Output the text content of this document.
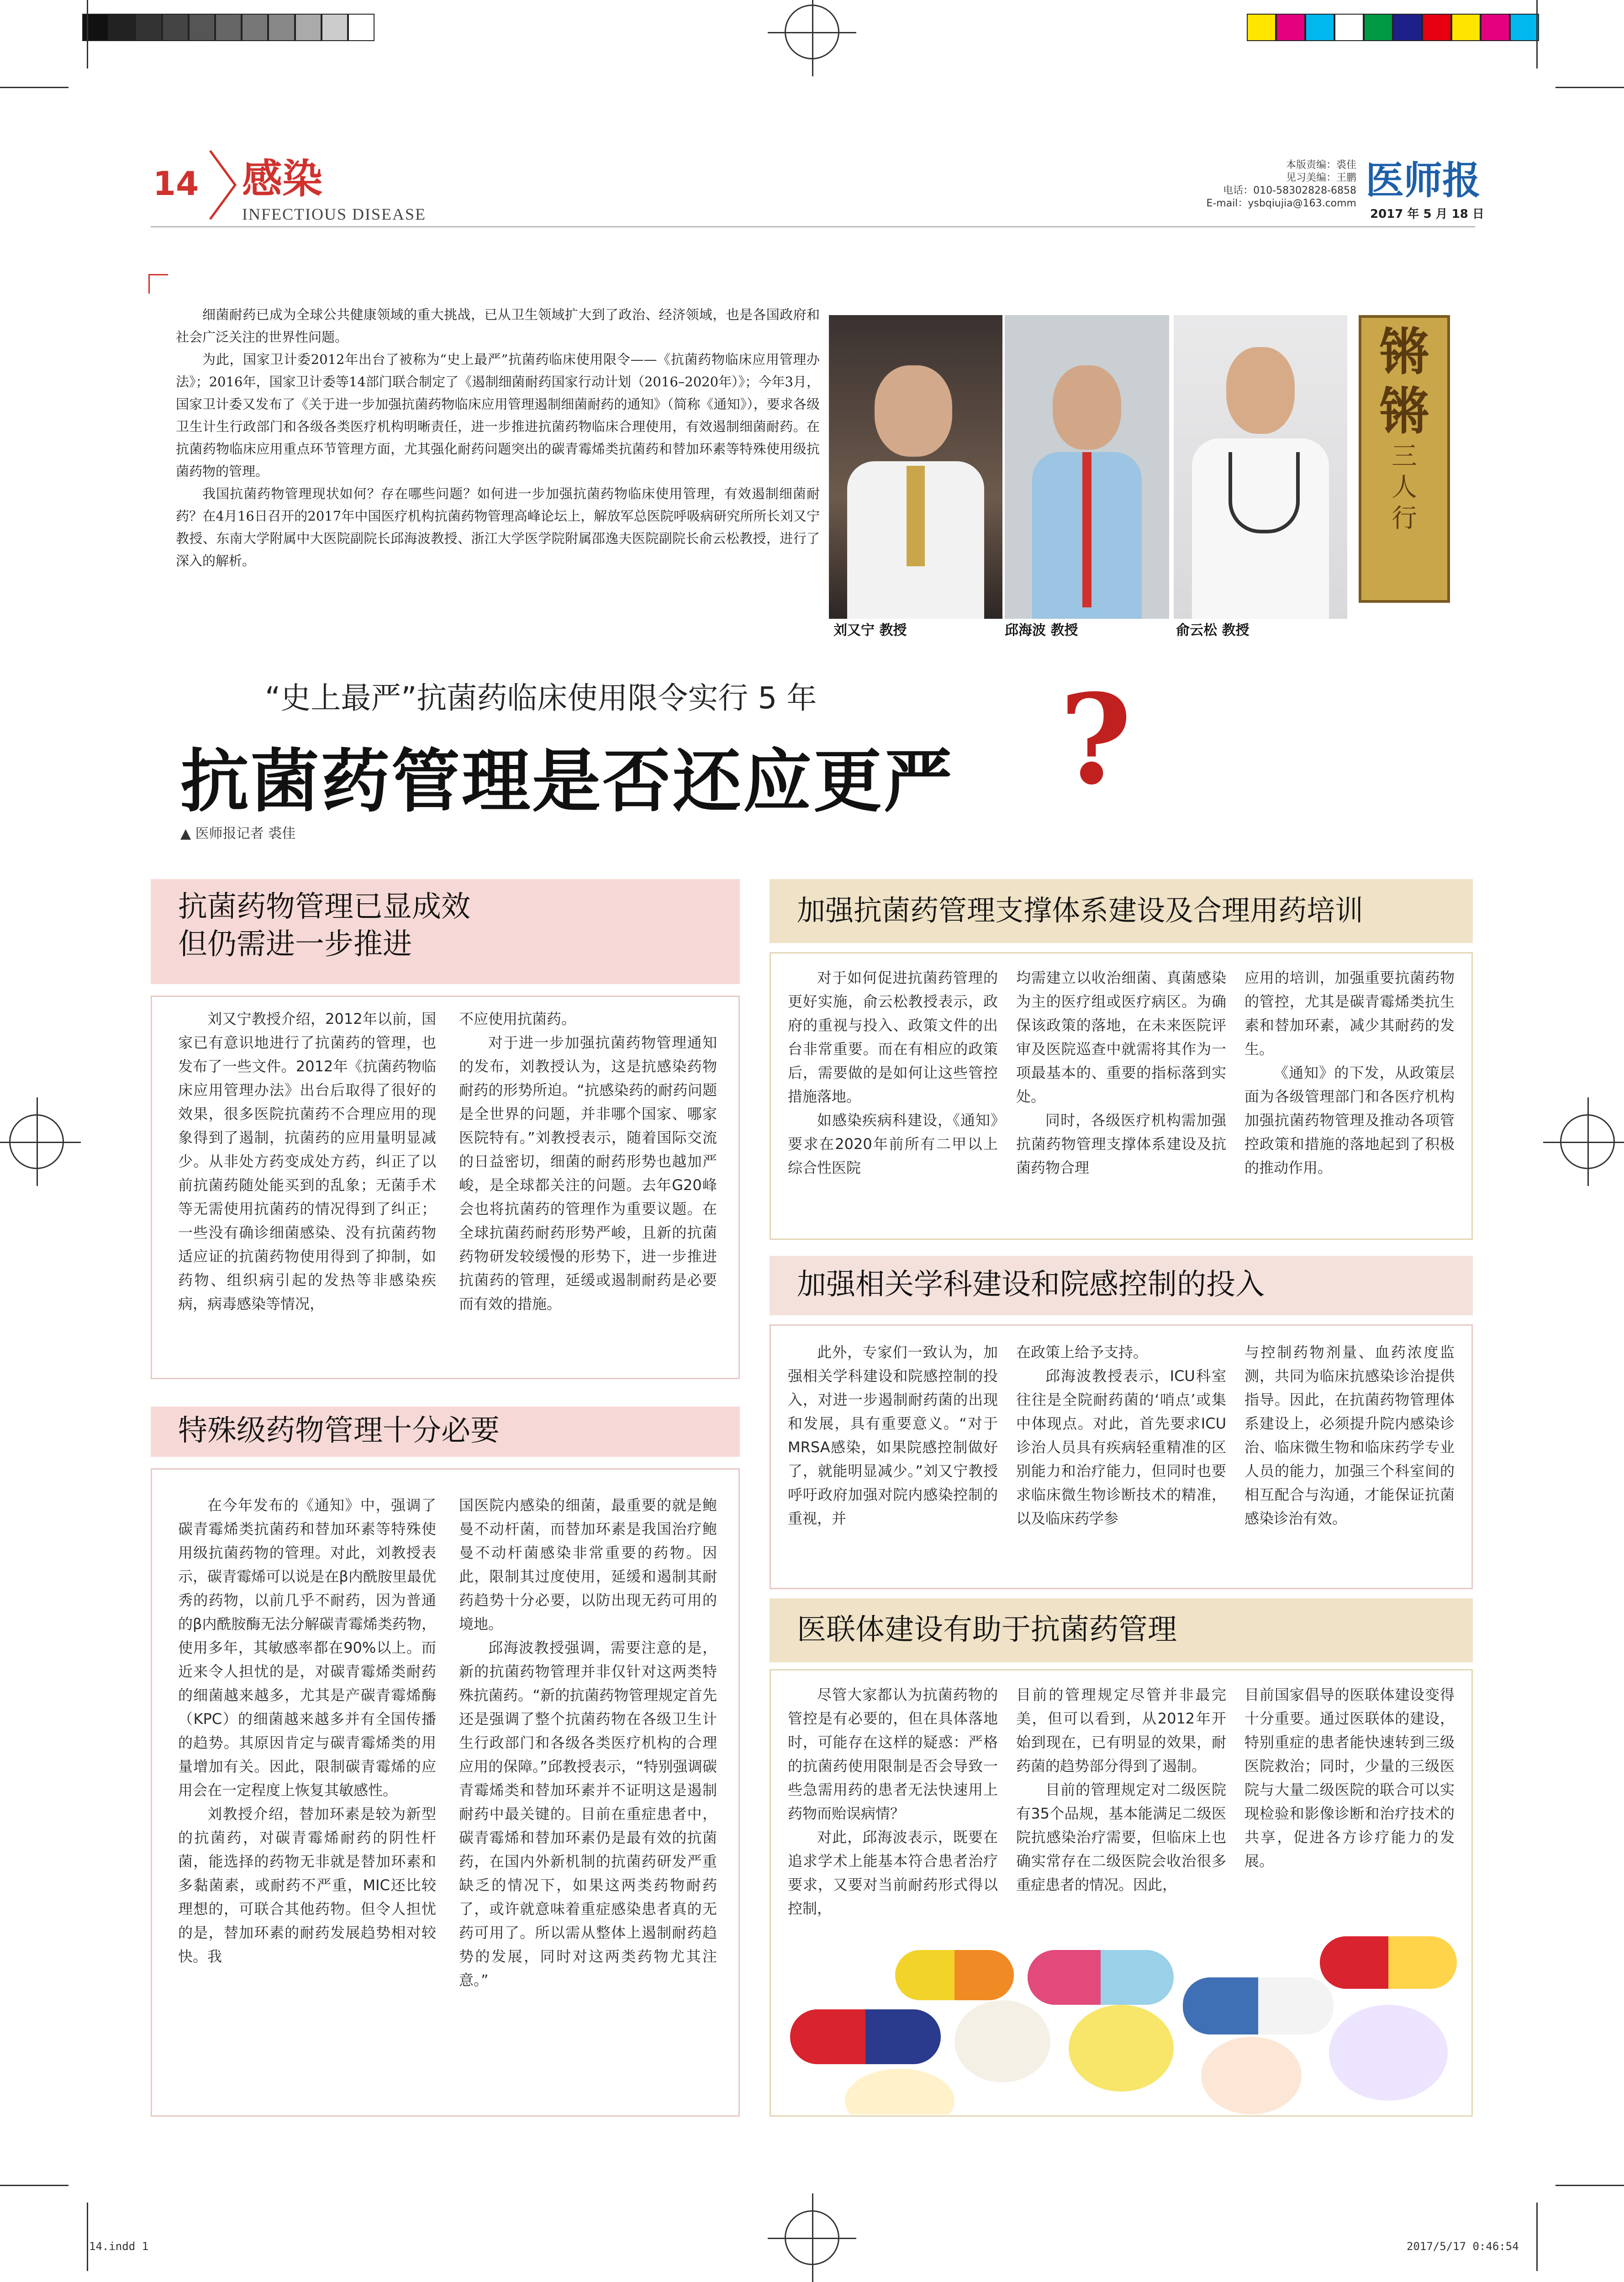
14 感染
INFECTIOUS DISEASE
本版责编：裘佳
见习美编：王鹏
电话：010-58302828-6858
E-mail：ysbqiujia@163.comm
医师报
2017 年 5 月 18 日

细菌耐药已成为全球公共健康领域的重大挑战，已从卫生领域扩大到了政治、经济领域，也是各国政府和社会广泛关注的世界性问题。

为此，国家卫计委2012年出台了被称为“史上最严”抗菌药临床使用限令——《抗菌药物临床应用管理办法》；2016年，国家卫计委等14部门联合制定了《遏制细菌耐药国家行动计划（2016–2020年）》；今年3月，国家卫计委又发布了《关于进一步加强抗菌药物临床应用管理遏制细菌耐药的通知》（简称《通知》），要求各级卫生计生行政部门和各级各类医疗机构明晰责任，进一步推进抗菌药物临床合理使用，有效遏制细菌耐药。在抗菌药物临床应用重点环节管理方面，尤其强化耐药问题突出的碳青霉烯类抗菌药和替加环素等特殊使用级抗菌药物的管理。

我国抗菌药物管理现状如何？存在哪些问题？如何进一步加强抗菌药物临床使用管理，有效遏制细菌耐药？在4月16日召开的2017年中国医疗机构抗菌药物管理高峰论坛上，解放军总医院呼吸病研究所所长刘又宁教授、东南大学附属中大医院副院长邱海波教授、浙江大学医学院附属邵逸夫医院副院长俞云松教授，进行了深入的解析。

刘又宁 教授	邱海波 教授	俞云松 教授
锵
锵
三
人
行
“史上最严”抗菌药临床使用限令实行 5 年
抗菌药管理是否还应更严 ?
▲ 医师报记者 裘佳
抗菌药物管理已显成效
但仍需进一步推进

刘又宁教授介绍，2012年以前，国家已有意识地进行了抗菌药的管理，也发布了一些文件。2012年《抗菌药物临床应用管理办法》出台后取得了很好的效果，很多医院抗菌药不合理应用的现象得到了遏制，抗菌药的应用量明显减少。从非处方药变成处方药，纠正了以前抗菌药随处能买到的乱象；无菌手术等无需使用抗菌药的情况得到了纠正；一些没有确诊细菌感染、没有抗菌药物适应证的抗菌药物使用得到了抑制，如药物、组织病引起的发热等非感染疾病，病毒感染等情况，

不应使用抗菌药。

对于进一步加强抗菌药物管理通知的发布，刘教授认为，这是抗感染药物耐药的形势所迫。“抗感染药的耐药问题是全世界的问题，并非哪个国家、哪家医院特有。”刘教授表示，随着国际交流的日益密切，细菌的耐药形势也越加严峻，是全球都关注的问题。去年G20峰会也将抗菌药的管理作为重要议题。在全球抗菌药耐药形势严峻，且新的抗菌药物研发较缓慢的形势下，进一步推进抗菌药的管理，延缓或遏制耐药是必要而有效的措施。

特殊级药物管理十分必要

在今年发布的《通知》中，强调了碳青霉烯类抗菌药和替加环素等特殊使用级抗菌药物的管理。对此，刘教授表示，碳青霉烯可以说是在β内酰胺里最优秀的药物，以前几乎不耐药，因为普通的β内酰胺酶无法分解碳青霉烯类药物，使用多年，其敏感率都在90%以上。而近来令人担忧的是，对碳青霉烯类耐药的细菌越来越多，尤其是产碳青霉烯酶（KPC）的细菌越来越多并有全国传播的趋势。其原因肯定与碳青霉烯类的用量增加有关。因此，限制碳青霉烯的应用会在一定程度上恢复其敏感性。

刘教授介绍，替加环素是较为新型的抗菌药，对碳青霉烯耐药的阴性杆菌，能选择的药物无非就是替加环素和多黏菌素，或耐药不严重，MIC还比较理想的，可联合其他药物。但令人担忧的是，替加环素的耐药发展趋势相对较快。我

国医院内感染的细菌，最重要的就是鲍曼不动杆菌，而替加环素是我国治疗鲍曼不动杆菌感染非常重要的药物。因此，限制其过度使用，延缓和遏制其耐药趋势十分必要，以防出现无药可用的境地。

邱海波教授强调，需要注意的是，新的抗菌药物管理并非仅针对这两类特殊抗菌药。“新的抗菌药物管理规定首先还是强调了整个抗菌药物在各级卫生计生行政部门和各级各类医疗机构的合理应用的保障。”邱教授表示，“特别强调碳青霉烯类和替加环素并不证明这是遏制耐药中最关键的。目前在重症患者中，碳青霉烯和替加环素仍是最有效的抗菌药，在国内外新机制的抗菌药研发严重缺乏的情况下，如果这两类药物耐药了，或许就意味着重症感染患者真的无药可用了。所以需从整体上遏制耐药趋势的发展，同时对这两类药物尤其注意。”

加强抗菌药管理支撑体系建设及合理用药培训

对于如何促进抗菌药管理的更好实施，俞云松教授表示，政府的重视与投入、政策文件的出台非常重要。而在有相应的政策后，需要做的是如何让这些管控措施落地。

如感染疾病科建设，《通知》要求在2020年前所有二甲以上综合性医院

均需建立以收治细菌、真菌感染为主的医疗组或医疗病区。为确保该政策的落地，在未来医院评审及医院巡查中就需将其作为一项最基本的、重要的指标落到实处。

同时，各级医疗机构需加强抗菌药物管理支撑体系建设及抗菌药物合理

应用的培训，加强重要抗菌药物的管控，尤其是碳青霉烯类抗生素和替加环素，减少其耐药的发生。

《通知》的下发，从政策层面为各级管理部门和各医疗机构加强抗菌药物管理及推动各项管控政策和措施的落地起到了积极的推动作用。

加强相关学科建设和院感控制的投入

此外，专家们一致认为，加强相关学科建设和院感控制的投入，对进一步遏制耐药菌的出现和发展，具有重要意义。“对于MRSA感染，如果院感控制做好了，就能明显减少。”刘又宁教授呼吁政府加强对院内感染控制的重视，并

在政策上给予支持。

邱海波教授表示，ICU科室往往是全院耐药菌的‘哨点’或集中体现点。对此，首先要求ICU诊治人员具有疾病轻重精准的区别能力和治疗能力，但同时也要求临床微生物诊断技术的精准，以及临床药学参

与控制药物剂量、血药浓度监测，共同为临床抗感染诊治提供指导。因此，在抗菌药物管理体系建设上，必须提升院内感染诊治、临床微生物和临床药学专业人员的能力，加强三个科室间的相互配合与沟通，才能保证抗菌感染诊治有效。

医联体建设有助于抗菌药管理

尽管大家都认为抗菌药物的管控是有必要的，但在具体落地时，可能存在这样的疑惑：严格的抗菌药使用限制是否会导致一些急需用药的患者无法快速用上药物而贻误病情？

对此，邱海波表示，既要在追求学术上能基本符合患者治疗要求，又要对当前耐药形式得以控制，

目前的管理规定尽管并非最完美，但可以看到，从2012年开始到现在，已有明显的效果，耐药菌的趋势部分得到了遏制。

目前的管理规定对二级医院有35个品规，基本能满足二级医院抗感染治疗需要，但临床上也确实常存在二级医院会收治很多重症患者的情况。因此，

目前国家倡导的医联体建设变得十分重要。通过医联体的建设，特别重症的患者能快速转到三级医院救治；同时，少量的三级医院与大量二级医院的联合可以实现检验和影像诊断和治疗技术的共享，促进各方诊疗能力的发展。

14.indd 1	2017/5/17 0:46:54
